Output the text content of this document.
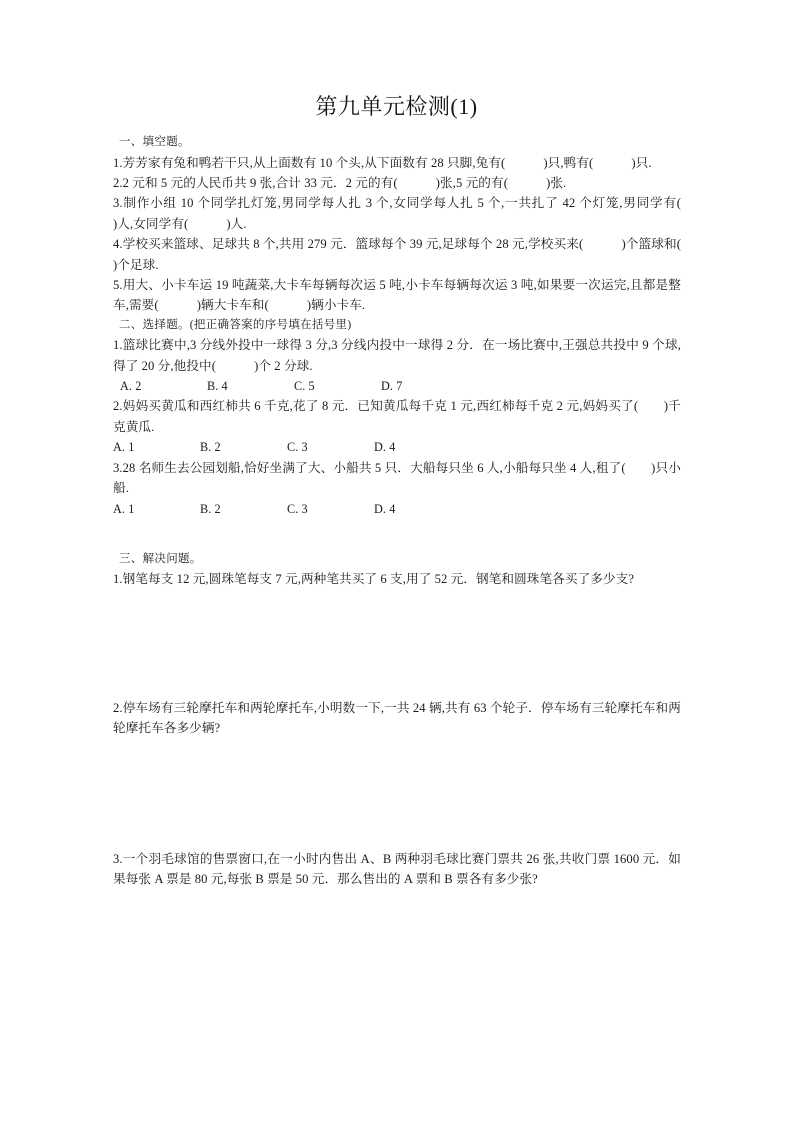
第九单元检测(1)
一、填空题。
1.芳芳家有兔和鸭若干只,从上面数有 10 个头,从下面数有 28 只脚,兔有(　　　)只,鸭有(　　　)只.
2.2 元和 5 元的人民币共 9 张,合计 33 元．2 元的有(　　　)张,5 元的有(　　　)张.
3.制作小组 10 个同学扎灯笼,男同学每人扎 3 个,女同学每人扎 5 个,一共扎了 42 个灯笼,男同学有(　　　)人,女同学有(　　　)人.
4.学校买来篮球、足球共 8 个,共用 279 元．篮球每个 39 元,足球每个 28 元,学校买来(　　　)个篮球和(　　　)个足球.
5.用大、小卡车运 19 吨蔬菜,大卡车每辆每次运 5 吨,小卡车每辆每次运 3 吨,如果要一次运完,且都是整车,需要(　　　)辆大卡车和(　　　)辆小卡车.
二、选择题。(把正确答案的序号填在括号里)
1.篮球比赛中,3 分线外投中一球得 3 分,3 分线内投中一球得 2 分．在一场比赛中,王强总共投中 9 个球,得了 20 分,他投中(　　　)个 2 分球.
A. 2	B. 4	C. 5	D. 7
2.妈妈买黄瓜和西红柿共 6 千克,花了 8 元．已知黄瓜每千克 1 元,西红柿每千克 2 元,妈妈买了(　　)千克黄瓜.
A. 1	B. 2	C. 3	D. 4
3.28 名师生去公园划船,恰好坐满了大、小船共 5 只．大船每只坐 6 人,小船每只坐 4 人,租了(　　)只小船.
A. 1	B. 2	C. 3	D. 4
三、解决问题。
1.钢笔每支 12 元,圆珠笔每支 7 元,两种笔共买了 6 支,用了 52 元．钢笔和圆珠笔各买了多少支?
2.停车场有三轮摩托车和两轮摩托车,小明数一下,一共 24 辆,共有 63 个轮子．停车场有三轮摩托车和两轮摩托车各多少辆?
3.一个羽毛球馆的售票窗口,在一小时内售出 A、B 两种羽毛球比赛门票共 26 张,共收门票 1600 元．如果每张 A 票是 80 元,每张 B 票是 50 元．那么售出的 A 票和 B 票各有多少张?
